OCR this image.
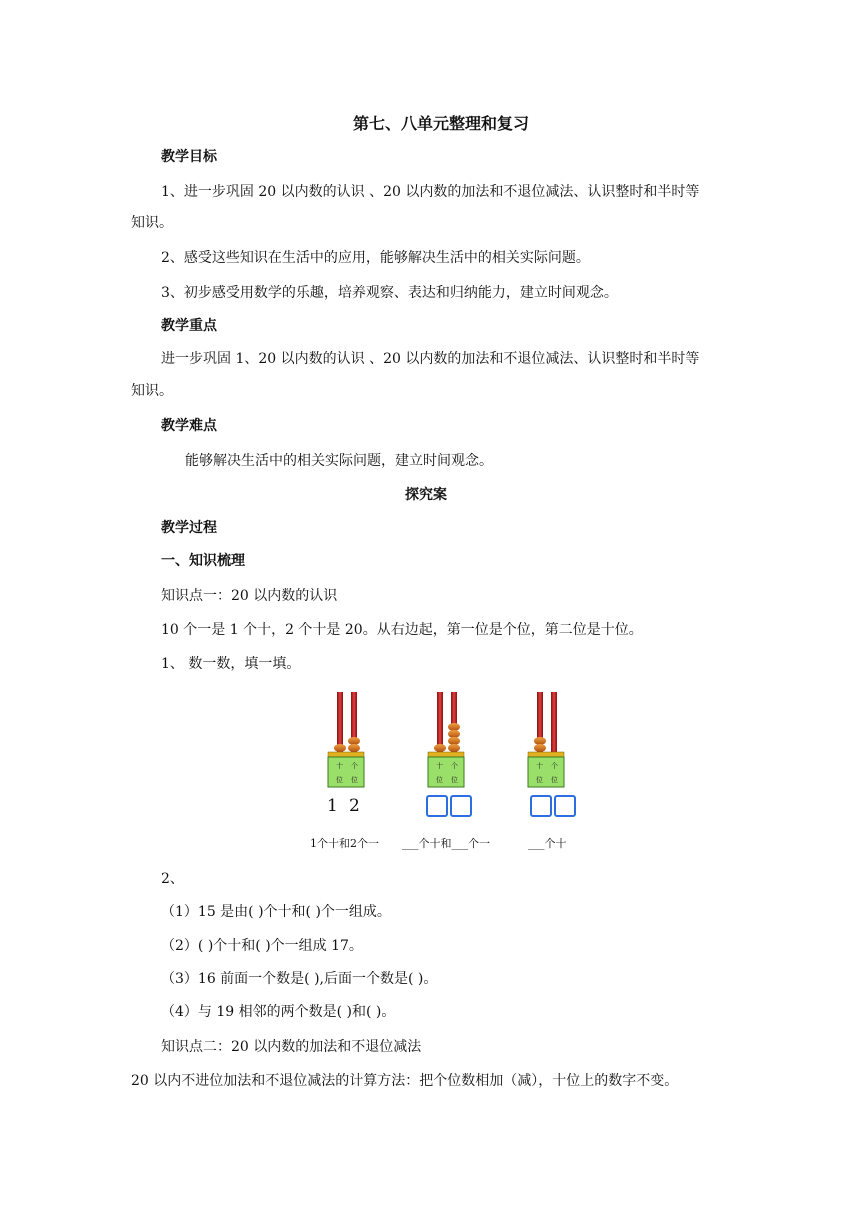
第七、八单元整理和复习
教学目标
1、进一步巩固 20 以内数的认识 、20 以内数的加法和不退位减法、认识整时和半时等
知识。
2、感受这些知识在生活中的应用，能够解决生活中的相关实际问题。
3、初步感受用数学的乐趣，培养观察、表达和归纳能力，建立时间观念。
教学重点
进一步巩固 1、20 以内数的认识 、20 以内数的加法和不退位减法、认识整时和半时等
知识。
教学难点
能够解决生活中的相关实际问题，建立时间观念。
探究案
教学过程
一、知识梳理
知识点一：20 以内数的认识
10 个一是 1 个十，2 个十是 20。从右边起，第一位是个位，第二位是十位。
1、 数一数，填一填。
十 个
位 位
十 个
位 位
十 个
位 位
1 2
1个十和2个一 ___个十和___个一	___个十
2、
（1）15 是由( )个十和( )个一组成。
（2）( )个十和( )个一组成 17。
（3）16 前面一个数是( ),后面一个数是( )。
（4）与 19 相邻的两个数是( )和( )。
知识点二：20 以内数的加法和不退位减法
20 以内不进位加法和不退位减法的计算方法：把个位数相加（减），十位上的数字不变。
